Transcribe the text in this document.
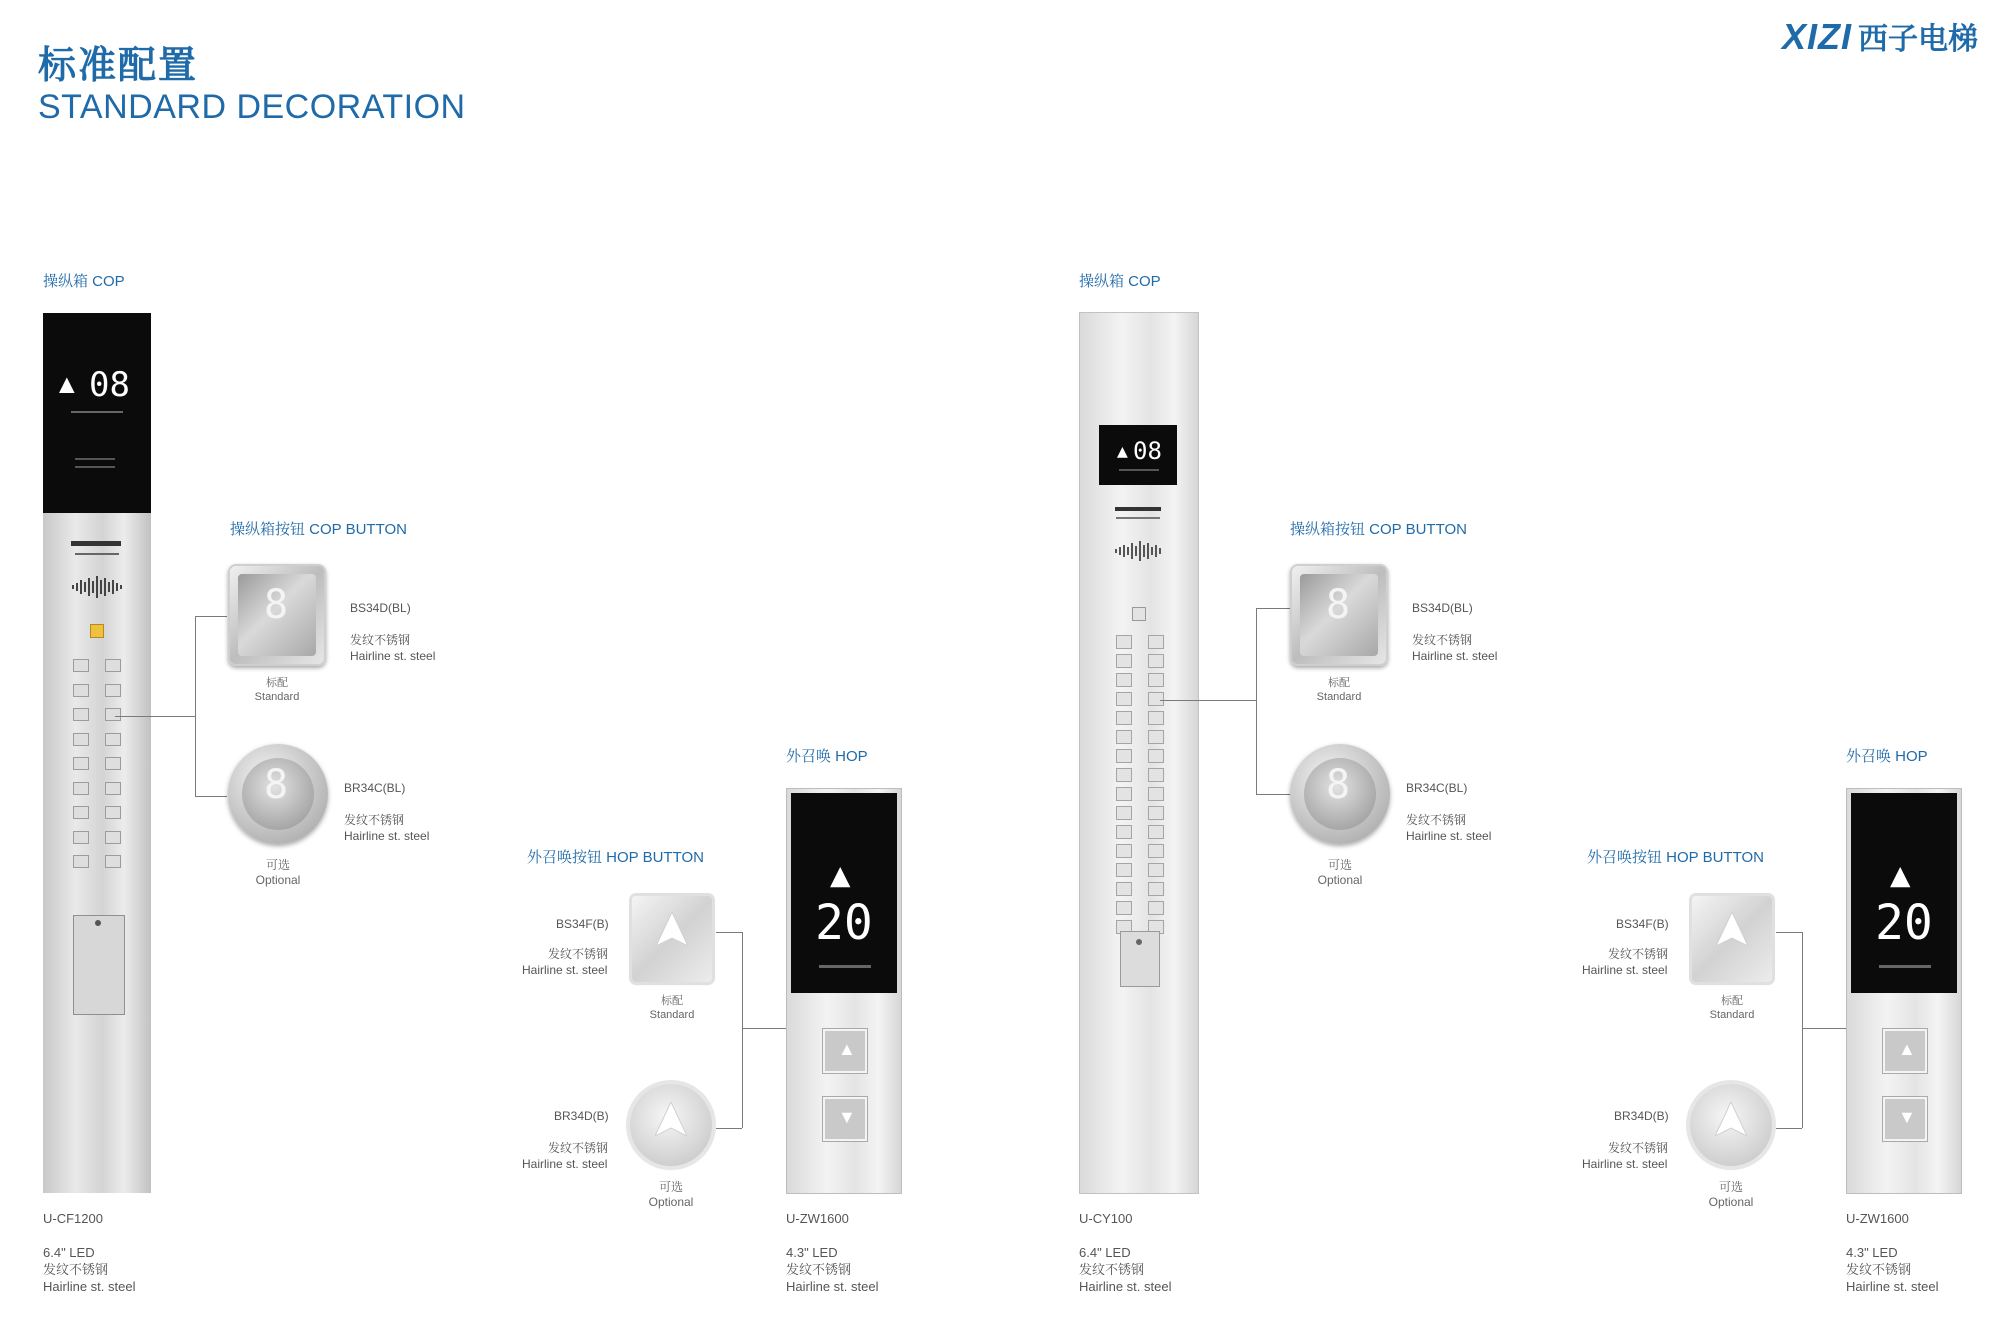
标准配置
STANDARD DECORATION
XIZI 西子电梯
操纵箱 COP
▲ 08
操纵箱按钮 COP BUTTON
8	BS34D(BL)
发纹不锈钢
Hairline st. steel
标配
Standard
8	BR34C(BL)
发纹不锈钢
Hairline st. steel
可选
Optional
外召唤 HOP
外召唤按钮 HOP BUTTON
BS34F(B)
发纹不锈钢
Hairline st. steel
标配
Standard
BR34D(B)
发纹不锈钢
Hairline st. steel
可选
Optional
▲
20
▲
▼
U-CF1200
6.4" LED
发纹不锈钢
Hairline st. steel
U-ZW1600
4.3" LED
发纹不锈钢
Hairline st. steel
操纵箱 COP
▲ 08
操纵箱按钮 COP BUTTON
8	BS34D(BL)
发纹不锈钢
Hairline st. steel
标配
Standard
8	BR34C(BL)
发纹不锈钢
Hairline st. steel
可选
Optional
外召唤 HOP
外召唤按钮 HOP BUTTON
BS34F(B)
发纹不锈钢
Hairline st. steel
标配
Standard
BR34D(B)
发纹不锈钢
Hairline st. steel
可选
Optional
▲
20
▲
▼
U-CY100
6.4" LED
发纹不锈钢
Hairline st. steel
U-ZW1600
4.3" LED
发纹不锈钢
Hairline st. steel
